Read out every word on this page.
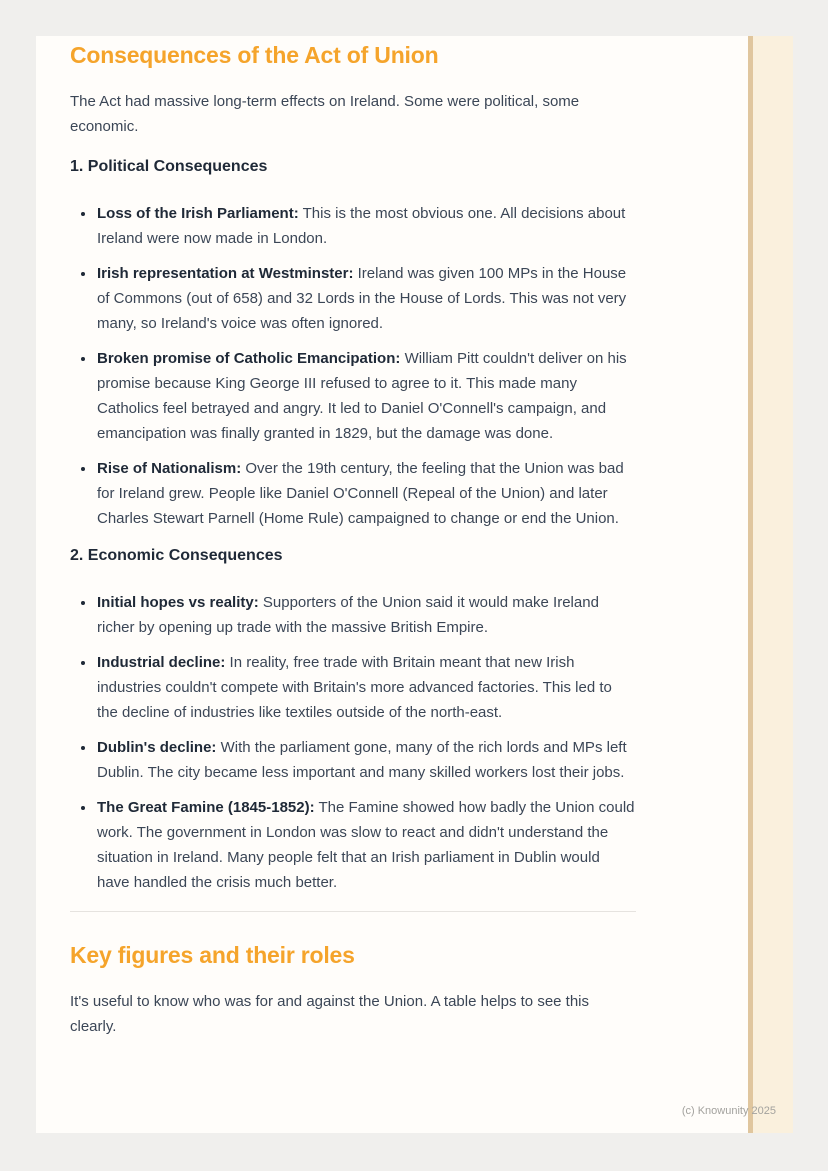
Consequences of the Act of Union

The Act had massive long-term effects on Ireland. Some were political, some economic.

1. Political Consequences
• Loss of the Irish Parliament: This is the most obvious one. All decisions about Ireland were now made in London.
• Irish representation at Westminster: Ireland was given 100 MPs in the House of Commons (out of 658) and 32 Lords in the House of Lords. This was not very many, so Ireland's voice was often ignored.
• Broken promise of Catholic Emancipation: William Pitt couldn't deliver on his promise because King George III refused to agree to it. This made many Catholics feel betrayed and angry. It led to Daniel O'Connell's campaign, and emancipation was finally granted in 1829, but the damage was done.
• Rise of Nationalism: Over the 19th century, the feeling that the Union was bad for Ireland grew. People like Daniel O'Connell (Repeal of the Union) and later Charles Stewart Parnell (Home Rule) campaigned to change or end the Union.
2. Economic Consequences
• Initial hopes vs reality: Supporters of the Union said it would make Ireland richer by opening up trade with the massive British Empire.
• Industrial decline: In reality, free trade with Britain meant that new Irish industries couldn't compete with Britain's more advanced factories. This led to the decline of industries like textiles outside of the north-east.
• Dublin's decline: With the parliament gone, many of the rich lords and MPs left Dublin. The city became less important and many skilled workers lost their jobs.
• The Great Famine (1845-1852): The Famine showed how badly the Union could work. The government in London was slow to react and didn't understand the situation in Ireland. Many people felt that an Irish parliament in Dublin would have handled the crisis much better.
Key figures and their roles

It's useful to know who was for and against the Union. A table helps to see this clearly.

(c) Knowunity 2025
